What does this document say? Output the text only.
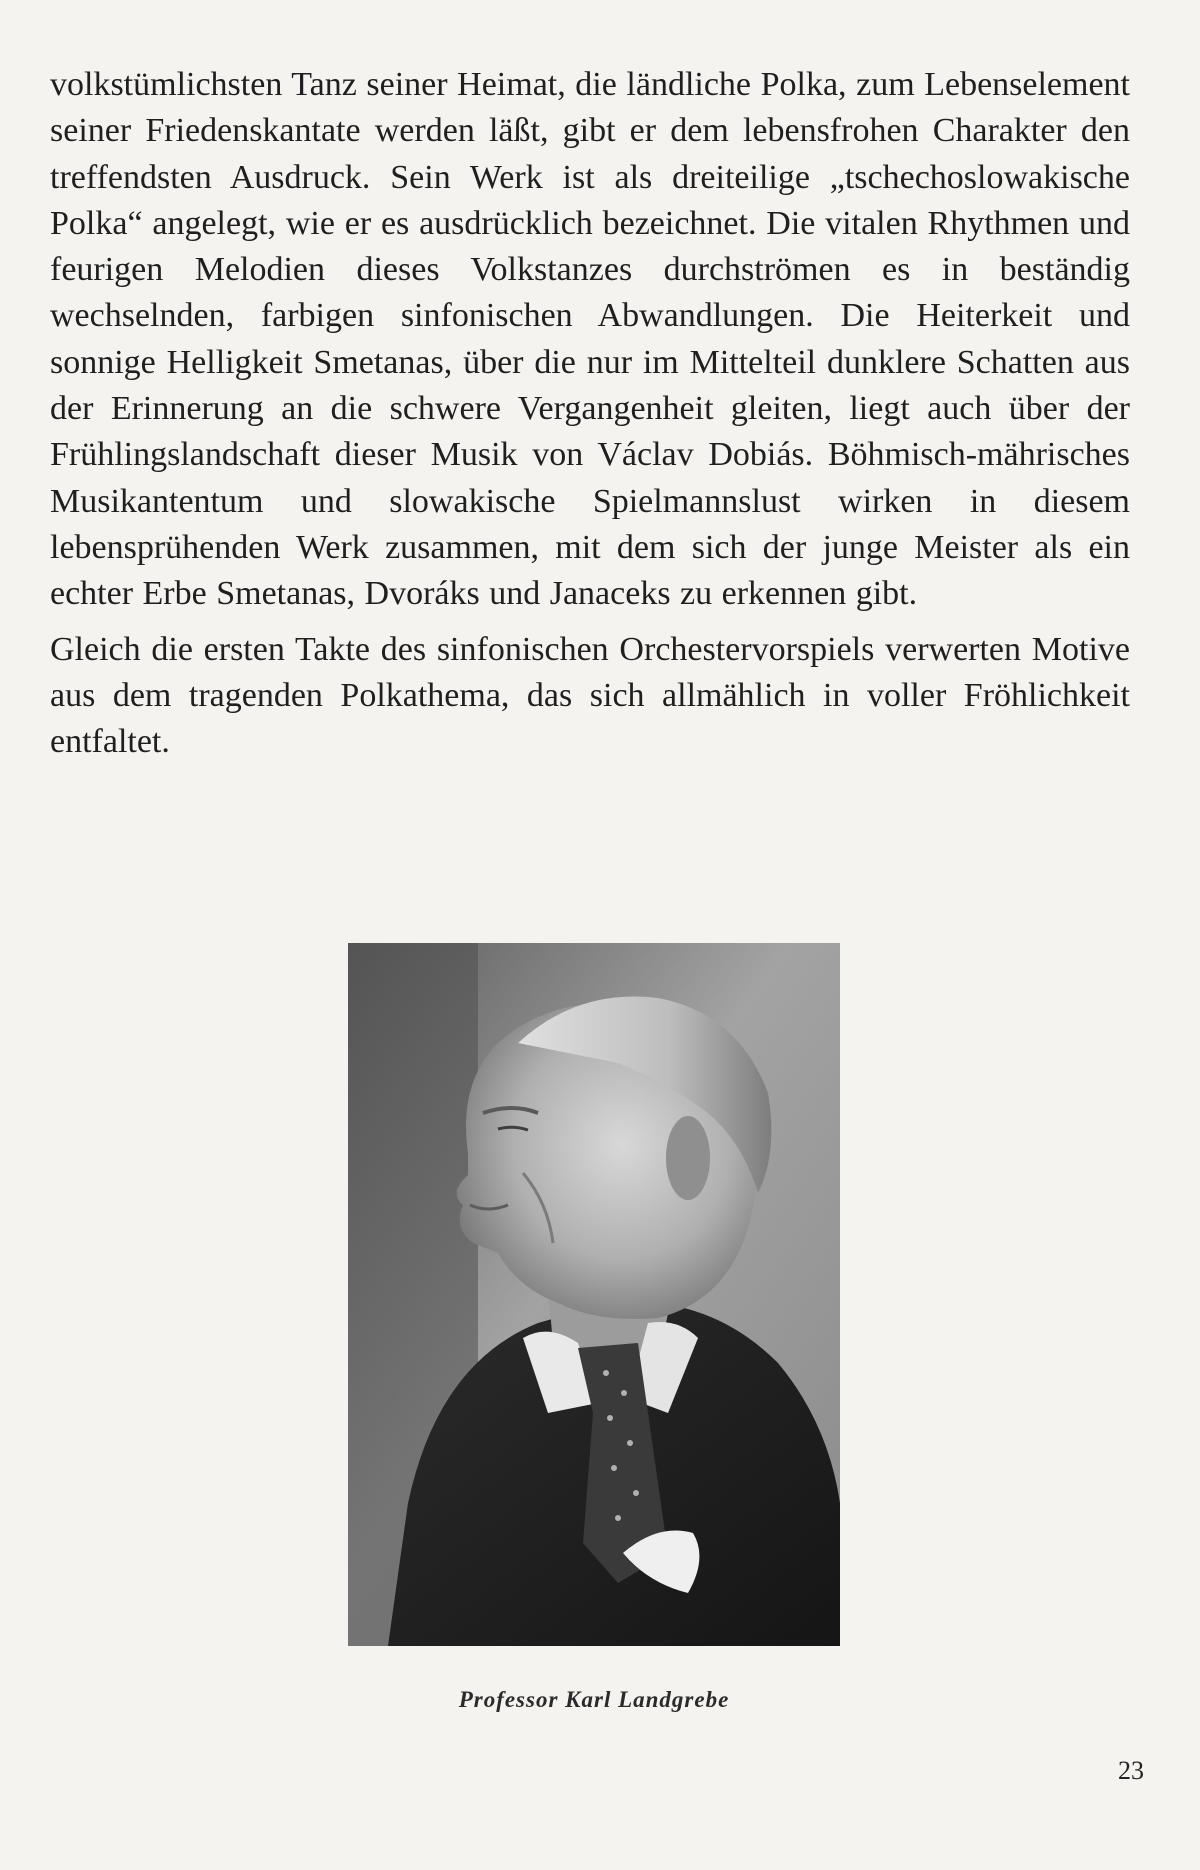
volkstümlichsten Tanz seiner Heimat, die ländliche Polka, zum Lebenselement seiner Friedenskantate werden läßt, gibt er dem lebensfrohen Charakter den treffendsten Ausdruck. Sein Werk ist als dreiteilige „tschechoslowakische Polka“ angelegt, wie er es ausdrücklich bezeichnet. Die vitalen Rhythmen und feurigen Melodien dieses Volkstanzes durchströmen es in beständig wechselnden, farbigen sinfonischen Abwandlungen. Die Heiterkeit und sonnige Helligkeit Smetanas, über die nur im Mittelteil dunklere Schatten aus der Erinnerung an die schwere Vergangenheit gleiten, liegt auch über der Frühlingslandschaft dieser Musik von Václav Dobiás. Böhmisch-mährisches Musikantentum und slowakische Spielmannslust wirken in diesem lebensprühenden Werk zusammen, mit dem sich der junge Meister als ein echter Erbe Smetanas, Dvoráks und Janaceks zu erkennen gibt.

Gleich die ersten Takte des sinfonischen Orchestervorspiels verwerten Motive aus dem tragenden Polkathema, das sich allmählich in voller Fröhlichkeit entfaltet.

Professor Karl Landgrebe
23
